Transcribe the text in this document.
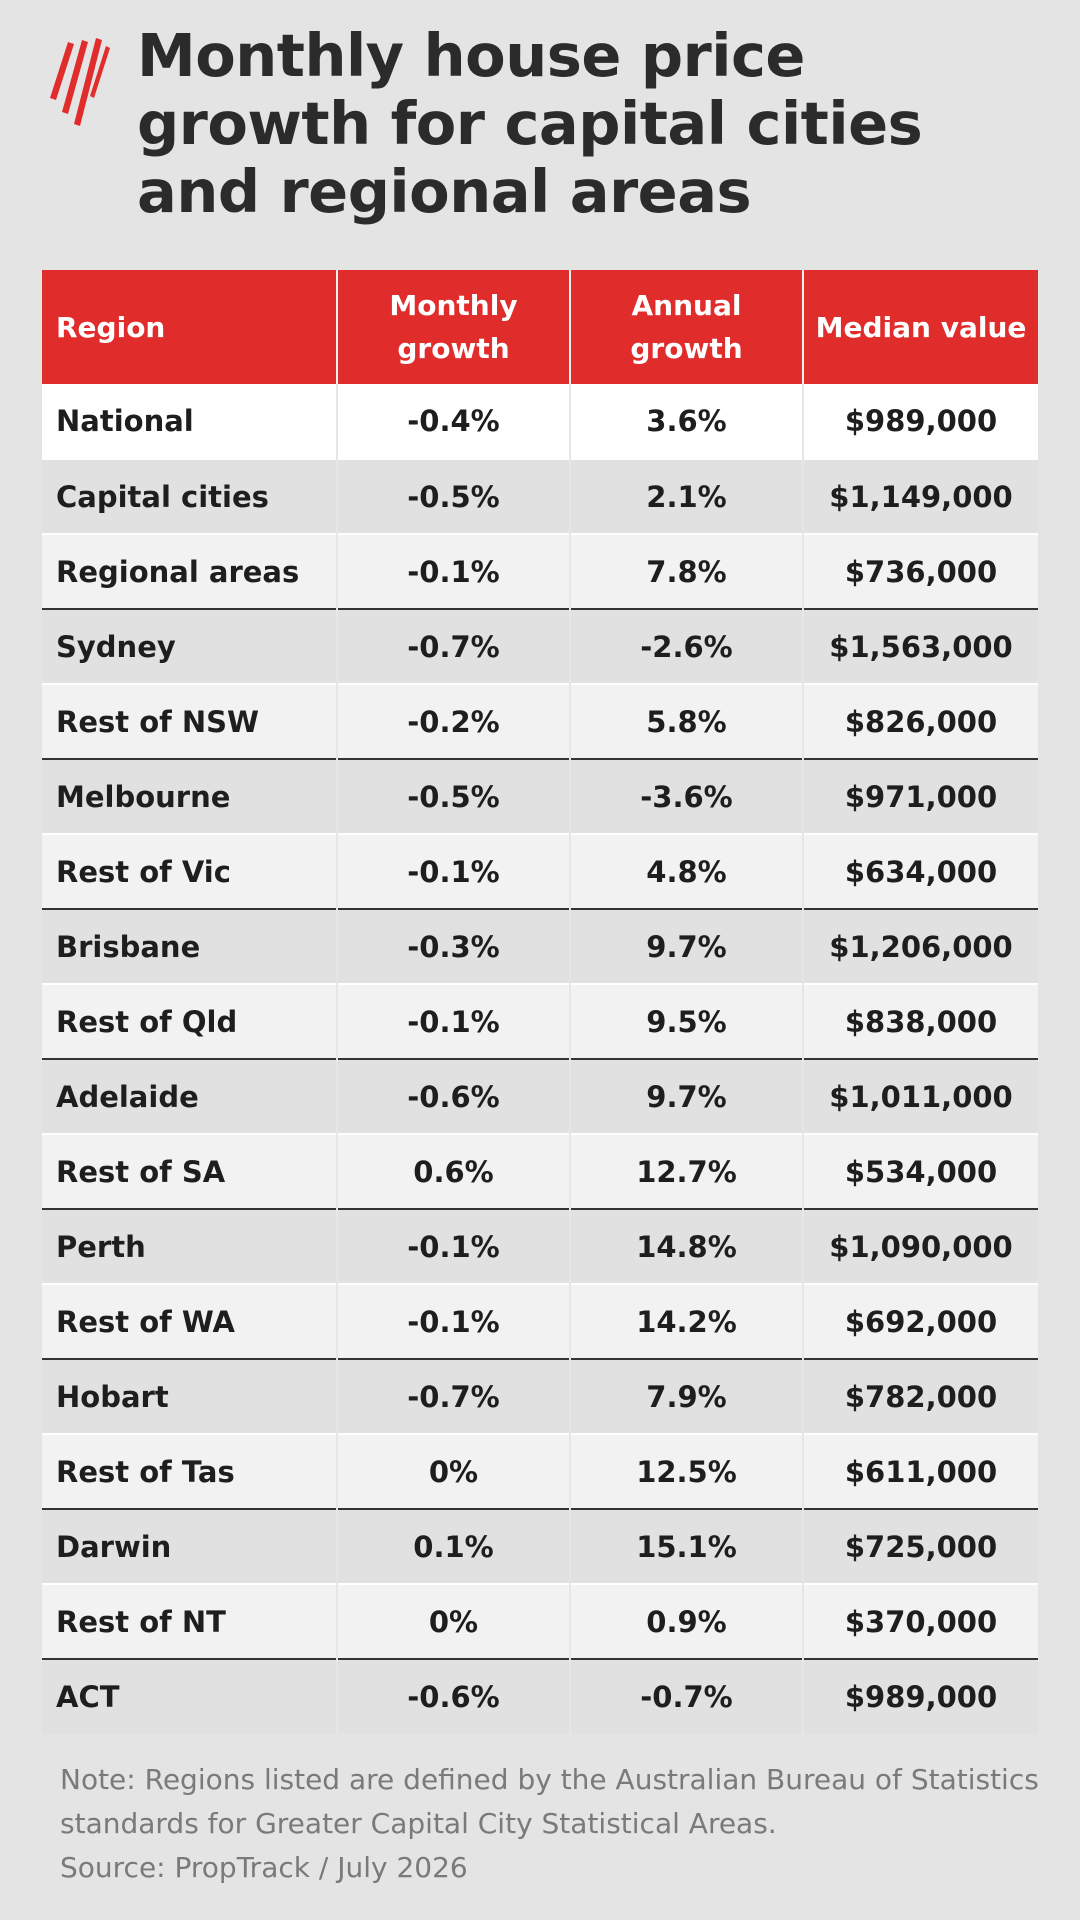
Monthly house price growth for capital cities and regional areas
Region	Monthly growth	Annual growth	Median value
National	-0.4%	3.6%	$989,000
Capital cities	-0.5%	2.1%	$1,149,000
Regional areas	-0.1%	7.8%	$736,000
Sydney	-0.7%	-2.6%	$1,563,000
Rest of NSW	-0.2%	5.8%	$826,000
Melbourne	-0.5%	-3.6%	$971,000
Rest of Vic	-0.1%	4.8%	$634,000
Brisbane	-0.3%	9.7%	$1,206,000
Rest of Qld	-0.1%	9.5%	$838,000
Adelaide	-0.6%	9.7%	$1,011,000
Rest of SA	0.6%	12.7%	$534,000
Perth	-0.1%	14.8%	$1,090,000
Rest of WA	-0.1%	14.2%	$692,000
Hobart	-0.7%	7.9%	$782,000
Rest of Tas	0%	12.5%	$611,000
Darwin	0.1%	15.1%	$725,000
Rest of NT	0%	0.9%	$370,000
ACT	-0.6%	-0.7%	$989,000

Note: Regions listed are defined by the Australian Bureau of Statistics standards for Greater Capital City Statistical Areas.
Source: PropTrack / July 2026
